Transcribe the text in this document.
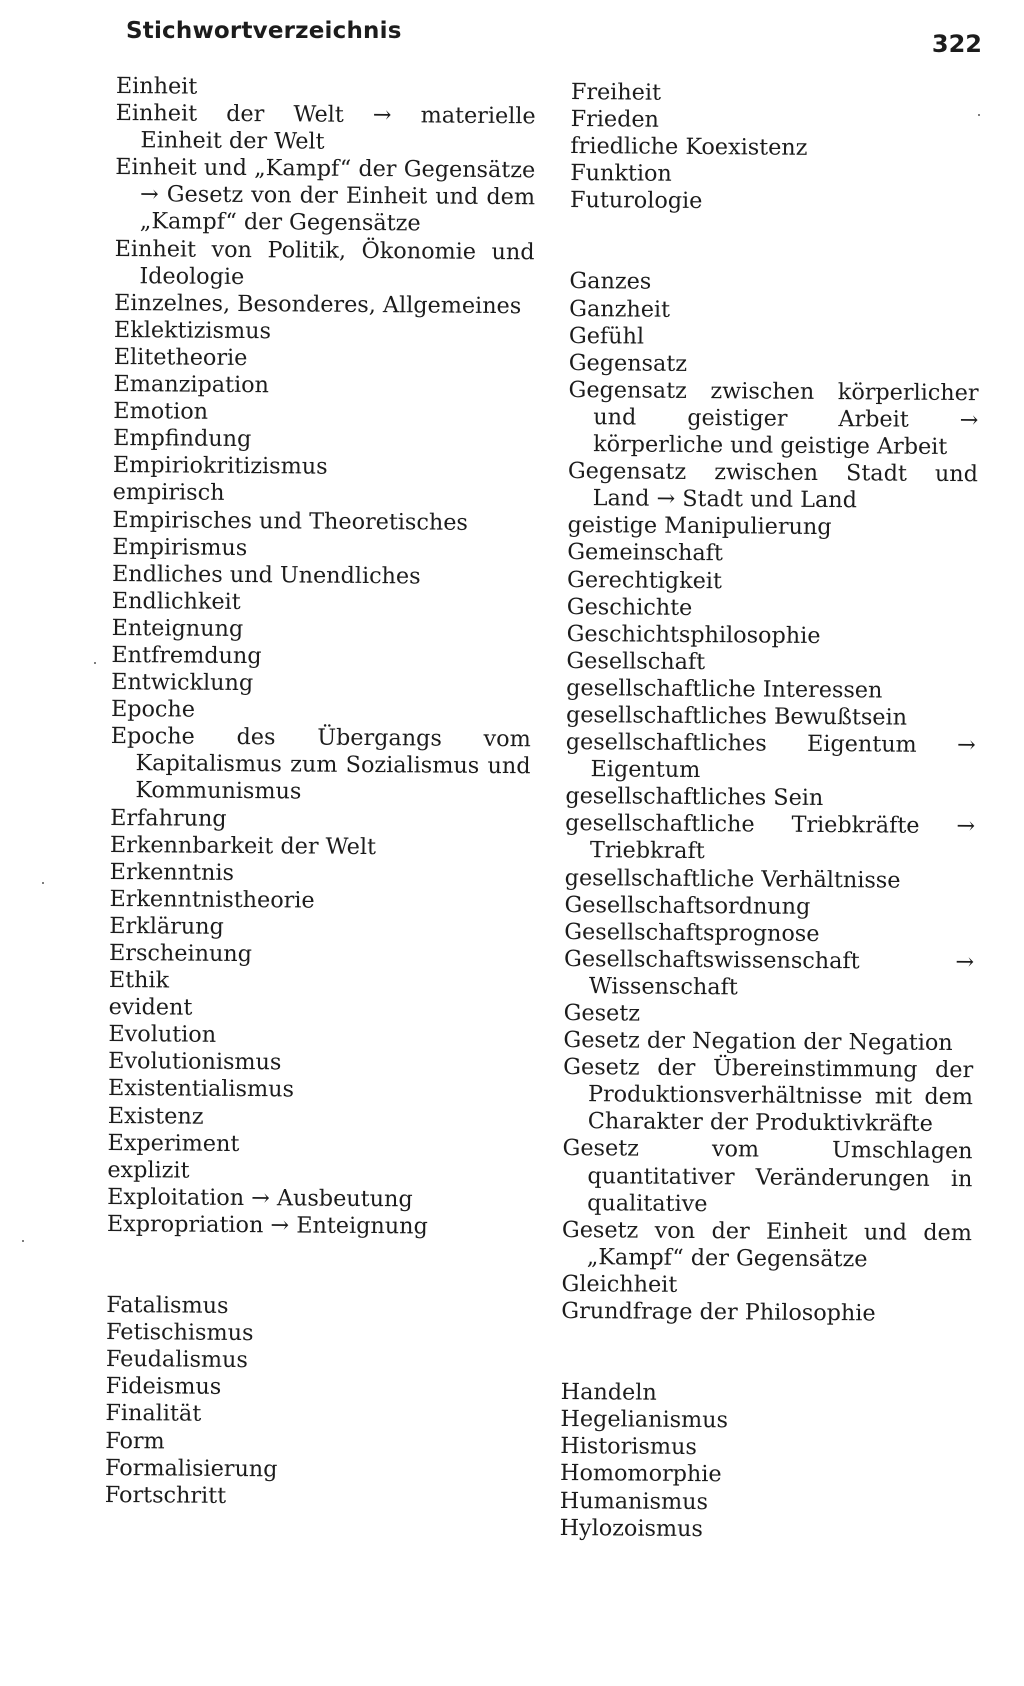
Stichwortverzeichnis	322
Einheit
Einheit der Welt → materielle Einheit der Welt
Einheit und „Kampf“ der Gegensätze → Gesetz von der Einheit und dem „Kampf“ der Gegensätze
Einheit von Politik, Ökonomie und Ideologie
Einzelnes, Besonderes, Allgemeines
Eklektizismus
Elitetheorie
Emanzipation
Emotion
Empfindung
Empiriokritizismus
empirisch
Empirisches und Theoretisches
Empirismus
Endliches und Unendliches
Endlichkeit
Enteignung
Entfremdung
Entwicklung
Epoche
Epoche des Übergangs vom Kapitalismus zum Sozialismus und Kommunismus
Erfahrung
Erkennbarkeit der Welt
Erkenntnis
Erkenntnistheorie
Erklärung
Erscheinung
Ethik
evident
Evolution
Evolutionismus
Existentialismus
Existenz
Experiment
explizit
Exploitation → Ausbeutung
Expropriation → Enteignung
Fatalismus
Fetischismus
Feudalismus
Fideismus
Finalität
Form
Formalisierung
Fortschritt
Freiheit
Frieden
friedliche Koexistenz
Funktion
Futurologie
Ganzes
Ganzheit
Gefühl
Gegensatz
Gegensatz zwischen körperlicher und geistiger Arbeit → körperliche und geistige Arbeit
Gegensatz zwischen Stadt und Land → Stadt und Land
geistige Manipulierung
Gemeinschaft
Gerechtigkeit
Geschichte
Geschichtsphilosophie
Gesellschaft
gesellschaftliche Interessen
gesellschaftliches Bewußtsein
gesellschaftliches Eigentum → Eigentum
gesellschaftliches Sein
gesellschaftliche Triebkräfte → Triebkraft
gesellschaftliche Verhältnisse
Gesellschaftsordnung
Gesellschaftsprognose
Gesellschaftswissenschaft → Wissenschaft
Gesetz
Gesetz der Negation der Negation
Gesetz der Übereinstimmung der Produktionsverhältnisse mit dem Charakter der Produktivkräfte
Gesetz vom Umschlagen quantitativer Veränderungen in qualitative
Gesetz von der Einheit und dem „Kampf“ der Gegensätze
Gleichheit
Grundfrage der Philosophie
Handeln
Hegelianismus
Historismus
Homomorphie
Humanismus
Hylozoismus
